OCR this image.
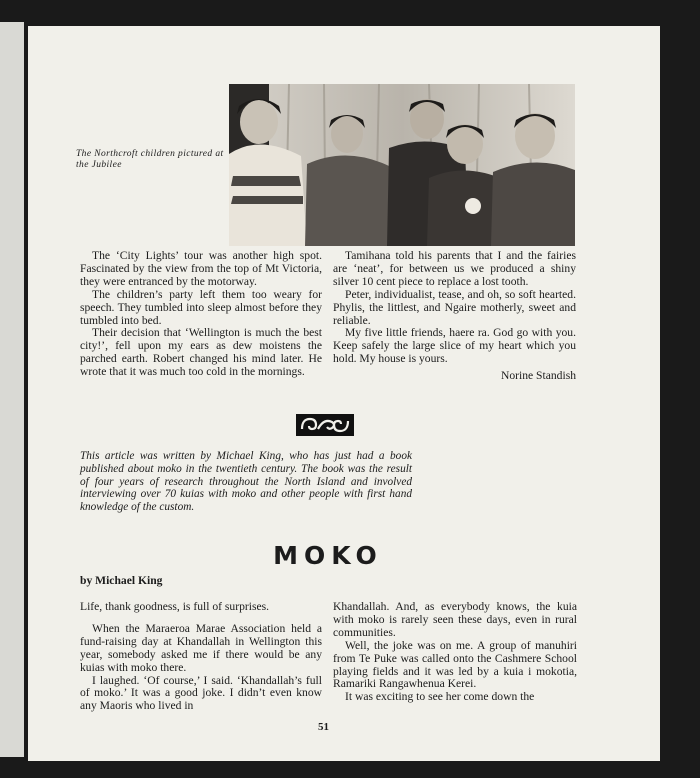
The Northcroft children pictured at the Jubilee

The ‘City Lights’ tour was another high spot. Fascinated by the view from the top of Mt Victoria, they were entranced by the motorway.

The children’s party left them too weary for speech. They tumbled into sleep almost before they tumbled into bed.

Their decision that ‘Wellington is much the best city!’, fell upon my ears as dew moistens the parched earth. Robert changed his mind later. He wrote that it was much too cold in the mornings.

Tamihana told his parents that I and the fairies are ‘neat’, for between us we produced a shiny silver 10 cent piece to replace a lost tooth.

Peter, individualist, tease, and oh, so soft hearted. Phylis, the littlest, and Ngaire motherly, sweet and reliable.

My five little friends, haere ra. God go with you. Keep safely the large slice of my heart which you hold. My house is yours.

Norine Standish

This article was written by Michael King, who has just had a book published about moko in the twentieth century. The book was the result of four years of research throughout the North Island and involved interviewing over 70 kuias with moko and other people with first hand knowledge of the custom.
MOKO
by Michael King

Life, thank goodness, is full of surprises.

When the Maraeroa Marae Association held a fund-raising day at Khandallah in Wellington this year, somebody asked me if there would be any kuias with moko there.

I laughed. ‘Of course,’ I said. ‘Khandallah’s full of moko.’ It was a good joke. I didn’t even know any Maoris who lived in

Khandallah. And, as everybody knows, the kuia with moko is rarely seen these days, even in rural communities.

Well, the joke was on me. A group of manuhiri from Te Puke was called onto the Cashmere School playing fields and it was led by a kuia i mokotia, Ramariki Rangawhenua Kerei.

It was exciting to see her come down the

51
